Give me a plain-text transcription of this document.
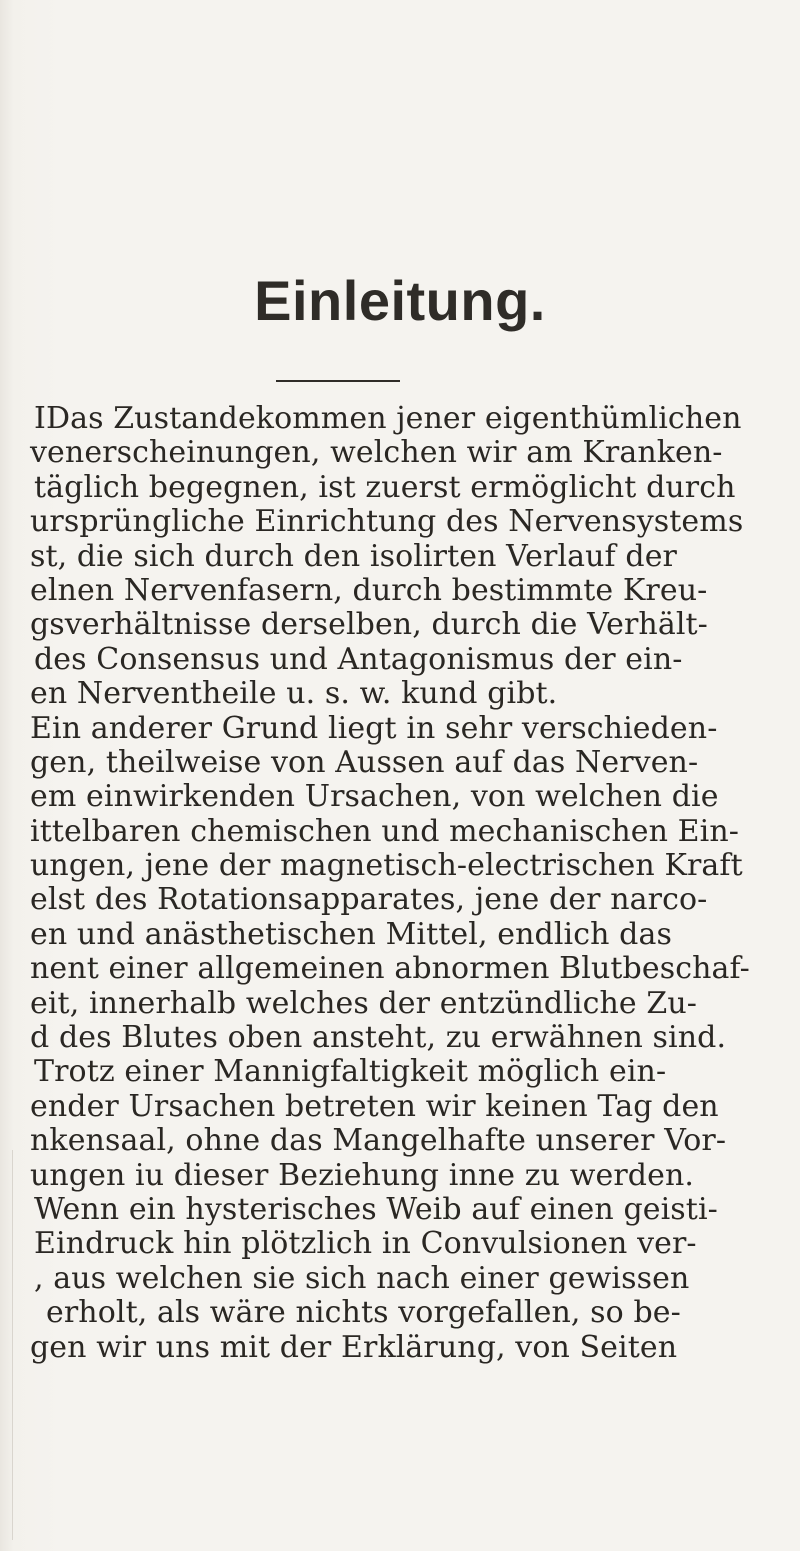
Einleitung.
IDas Zustandekommen jener eigenthümlichen
venerscheinungen, welchen wir am Kranken-
täglich begegnen, ist zuerst ermöglicht durch
ursprüngliche Einrichtung des Nervensystems
st, die sich durch den isolirten Verlauf der
elnen Nervenfasern, durch bestimmte Kreu-
gsverhältnisse derselben, durch die Verhält-
des Consensus und Antagonismus der ein-
en Nerventheile u. s. w. kund gibt.
Ein anderer Grund liegt in sehr verschieden-
gen, theilweise von Aussen auf das Nerven-
em einwirkenden Ursachen, von welchen die
ittelbaren chemischen und mechanischen Ein-
ungen, jene der magnetisch-electrischen Kraft
elst des Rotationsapparates, jene der narco-
en und anästhetischen Mittel, endlich das
nent einer allgemeinen abnormen Blutbeschaf-
eit, innerhalb welches der entzündliche Zu-
d des Blutes oben ansteht, zu erwähnen sind.
Trotz einer Mannigfaltigkeit möglich ein-
ender Ursachen betreten wir keinen Tag den
nkensaal, ohne das Mangelhafte unserer Vor-
ungen iu dieser Beziehung inne zu werden.
Wenn ein hysterisches Weib auf einen geisti-
Eindruck hin plötzlich in Convulsionen ver-
, aus welchen sie sich nach einer gewissen
erholt, als wäre nichts vorgefallen, so be-
gen wir uns mit der Erklärung, von Seiten
